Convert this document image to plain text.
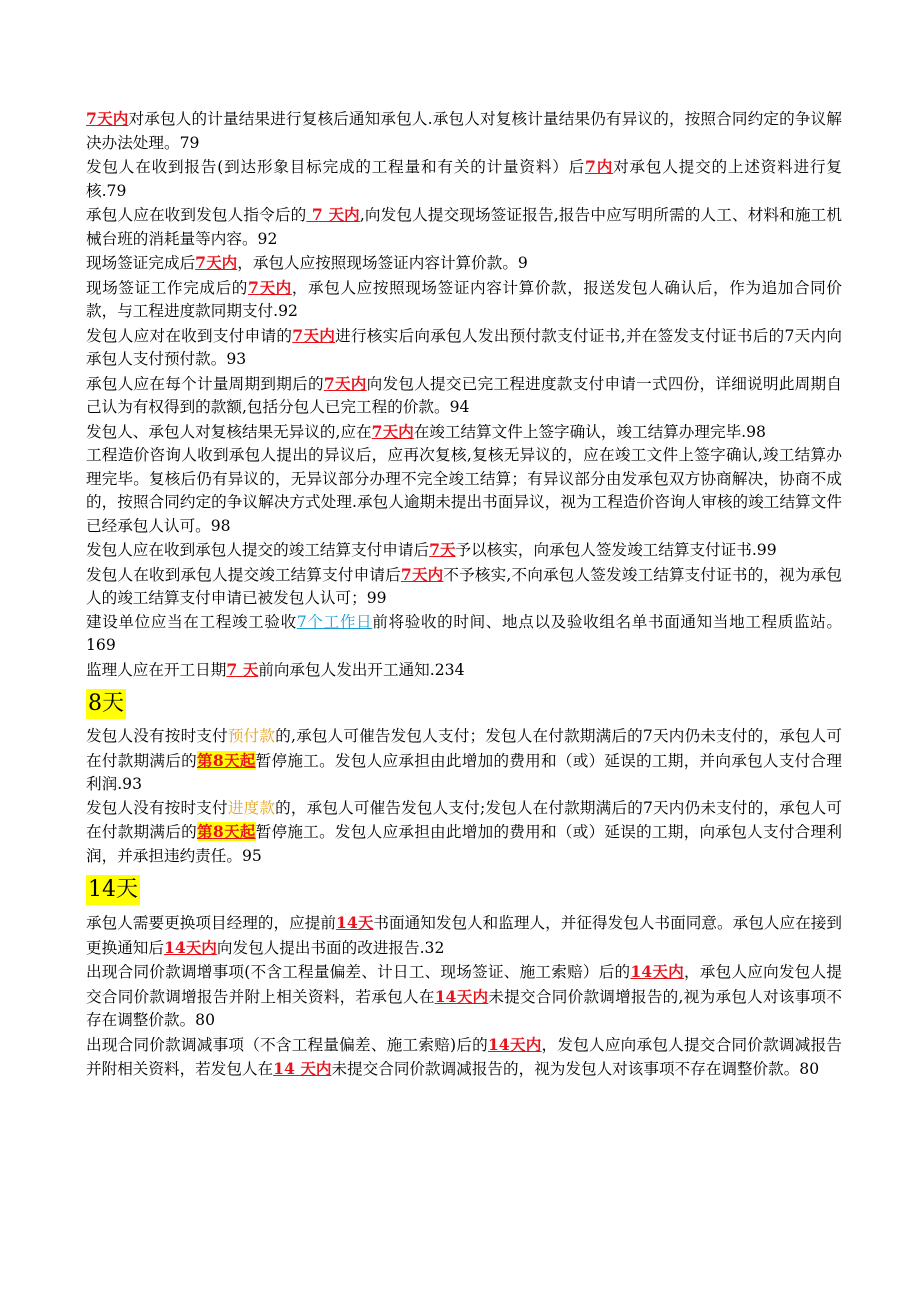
7天内对承包人的计量结果进行复核后通知承包人.承包人对复核计量结果仍有异议的，按照合同约定的争议解决办法处理。79

发包人在收到报告(到达形象目标完成的工程量和有关的计量资料）后7内对承包人提交的上述资料进行复核.79

承包人应在收到发包人指令后的 7 天内,向发包人提交现场签证报告,报告中应写明所需的人工、材料和施工机械台班的消耗量等内容。92

现场签证完成后7天内，承包人应按照现场签证内容计算价款。9

现场签证工作完成后的7天内，承包人应按照现场签证内容计算价款，报送发包人确认后，作为追加合同价款，与工程进度款同期支付.92

发包人应对在收到支付申请的7天内进行核实后向承包人发出预付款支付证书,并在签发支付证书后的7天内向承包人支付预付款。93

承包人应在每个计量周期到期后的7天内向发包人提交已完工程进度款支付申请一式四份，详细说明此周期自己认为有权得到的款额,包括分包人已完工程的价款。94

发包人、承包人对复核结果无异议的,应在7天内在竣工结算文件上签字确认，竣工结算办理完毕.98

工程造价咨询人收到承包人提出的异议后，应再次复核,复核无异议的，应在竣工文件上签字确认,竣工结算办理完毕。复核后仍有异议的，无异议部分办理不完全竣工结算；有异议部分由发承包双方协商解决，协商不成的，按照合同约定的争议解决方式处理.承包人逾期未提出书面异议，视为工程造价咨询人审核的竣工结算文件已经承包人认可。98

发包人应在收到承包人提交的竣工结算支付申请后7天予以核实，向承包人签发竣工结算支付证书.99

发包人在收到承包人提交竣工结算支付申请后7天内不予核实,不向承包人签发竣工结算支付证书的，视为承包人的竣工结算支付申请已被发包人认可；99

建设单位应当在工程竣工验收7个工作日前将验收的时间、地点以及验收组名单书面通知当地工程质监站。169

监理人应在开工日期7 天前向承包人发出开工通知.234

8天

发包人没有按时支付预付款的,承包人可催告发包人支付；发包人在付款期满后的7天内仍未支付的，承包人可在付款期满后的第8天起暂停施工。发包人应承担由此增加的费用和（或）延误的工期，并向承包人支付合理利润.93

发包人没有按时支付进度款的，承包人可催告发包人支付;发包人在付款期满后的7天内仍未支付的，承包人可在付款期满后的第8天起暂停施工。发包人应承担由此增加的费用和（或）延误的工期，向承包人支付合理利润，并承担违约责任。95

14天

承包人需要更换项目经理的，应提前14天书面通知发包人和监理人，并征得发包人书面同意。承包人应在接到更换通知后14天内向发包人提出书面的改进报告.32

出现合同价款调增事项(不含工程量偏差、计日工、现场签证、施工索赔）后的14天内，承包人应向发包人提交合同价款调增报告并附上相关资料，若承包人在14天内未提交合同价款调增报告的,视为承包人对该事项不存在调整价款。80

出现合同价款调减事项（不含工程量偏差、施工索赔)后的14天内，发包人应向承包人提交合同价款调减报告并附相关资料，若发包人在14 天内未提交合同价款调减报告的，视为发包人对该事项不存在调整价款。80
